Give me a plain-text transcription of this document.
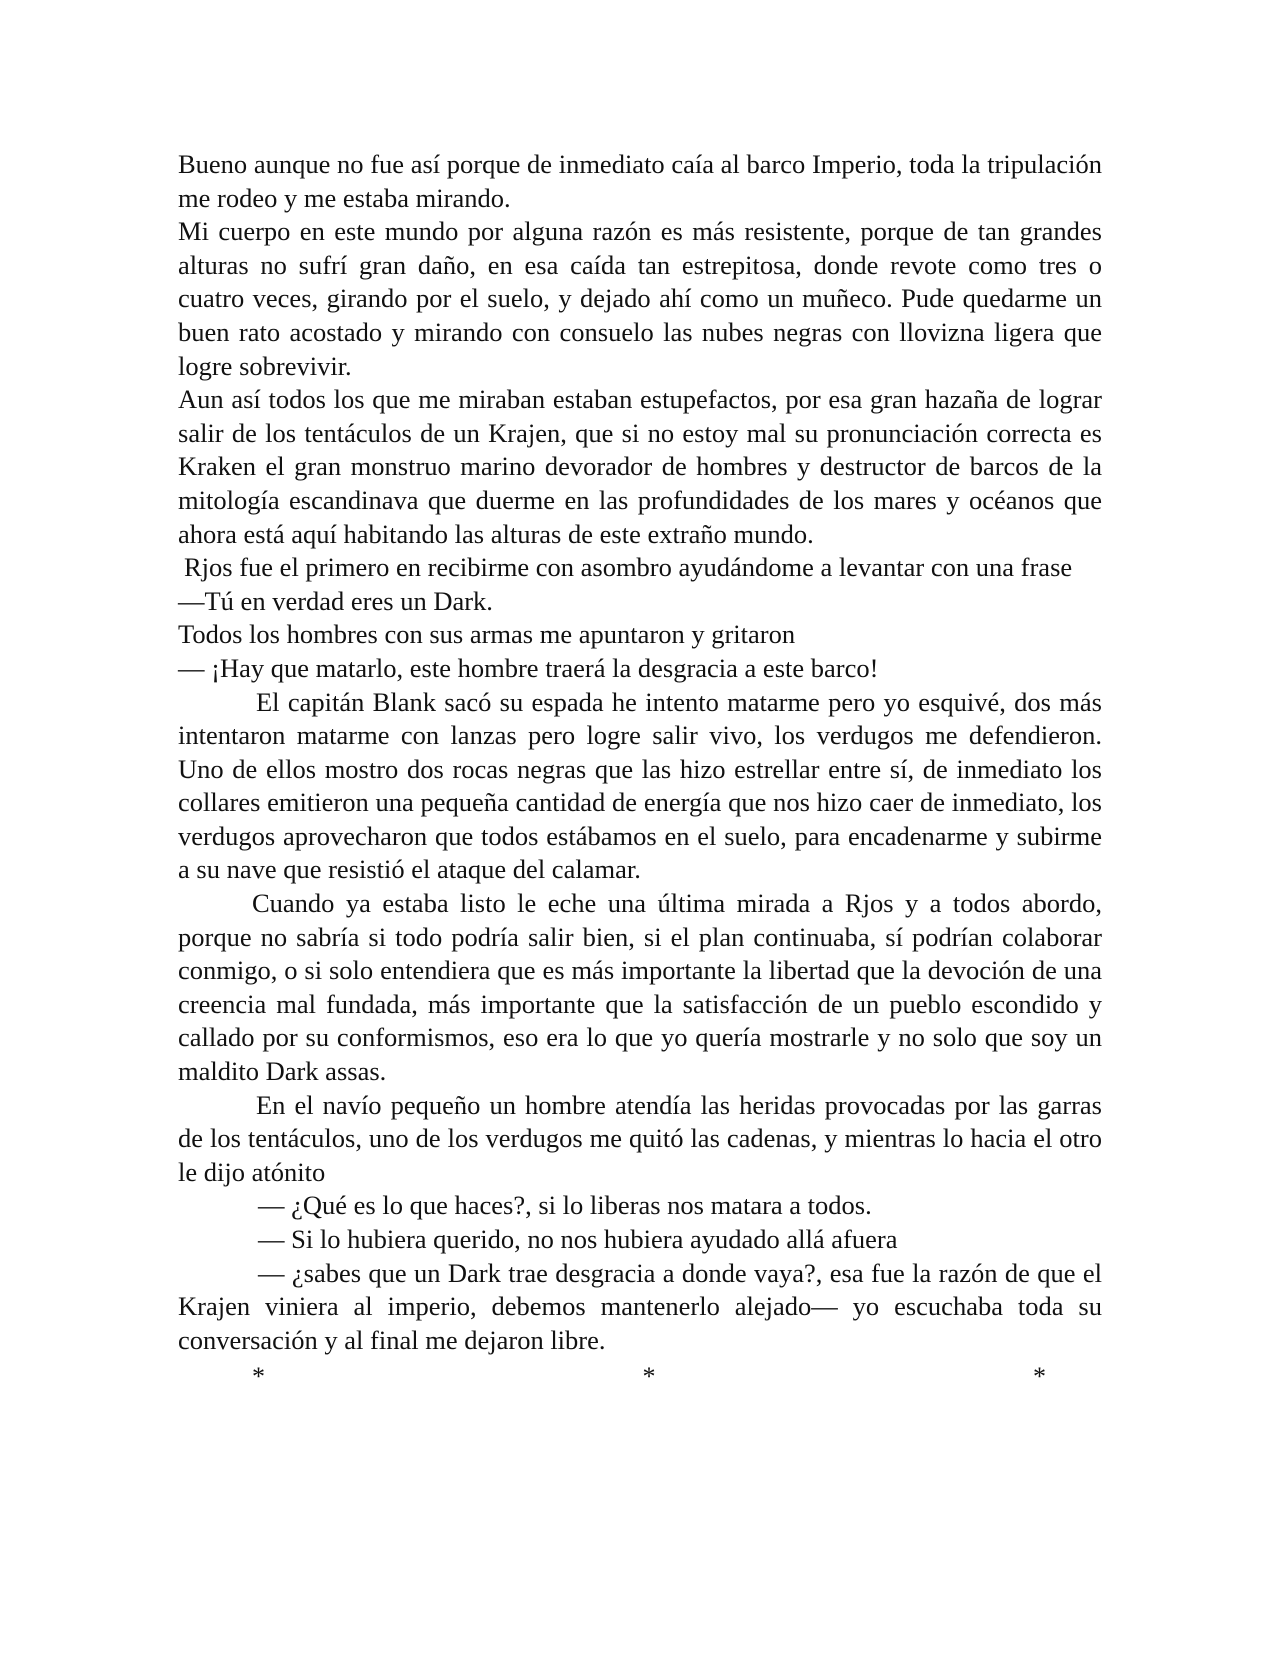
Bueno aunque no fue así porque de inmediato caía al barco Imperio, toda la tripulación me rodeo y me estaba mirando.

Mi cuerpo en este mundo por alguna razón es más resistente, porque de tan grandes alturas no sufrí gran daño, en esa caída tan estrepitosa, donde revote como tres o cuatro veces, girando por el suelo, y dejado ahí como un muñeco. Pude quedarme un buen rato acostado y mirando con consuelo las nubes negras con llovizna ligera que logre sobrevivir.

Aun así todos los que me miraban estaban estupefactos, por esa gran hazaña de lograr salir de los tentáculos de un Krajen, que si no estoy mal su pronunciación correcta es Kraken el gran monstruo marino devorador de hombres y destructor de barcos de la mitología escandinava que duerme en las profundidades de los mares y océanos que ahora está aquí habitando las alturas de este extraño mundo.

Rjos fue el primero en recibirme con asombro ayudándome a levantar con una frase

—Tú en verdad eres un Dark.

Todos los hombres con sus armas me apuntaron y gritaron

— ¡Hay que matarlo, este hombre traerá la desgracia a este barco!

El capitán Blank sacó su espada he intento matarme pero yo esquivé, dos más intentaron matarme con lanzas pero logre salir vivo, los verdugos me defendieron. Uno de ellos mostro dos rocas negras que las hizo estrellar entre sí, de inmediato los collares emitieron una pequeña cantidad de energía que nos hizo caer de inmediato, los verdugos aprovecharon que todos estábamos en el suelo, para encadenarme y subirme a su nave que resistió el ataque del calamar.

Cuando ya estaba listo le eche una última mirada a Rjos y a todos abordo, porque no sabría si todo podría salir bien, si el plan continuaba, sí podrían colaborar conmigo, o si solo entendiera que es más importante la libertad que la devoción de una creencia mal fundada, más importante que la satisfacción de un pueblo escondido y callado por su conformismos, eso era lo que yo quería mostrarle y no solo que soy un maldito Dark assas.

En el navío pequeño un hombre atendía las heridas provocadas por las garras de los tentáculos, uno de los verdugos me quitó las cadenas, y mientras lo hacia el otro le dijo atónito

— ¿Qué es lo que haces?, si lo liberas nos matara a todos.

— Si lo hubiera querido, no nos hubiera ayudado allá afuera

— ¿sabes que un Dark trae desgracia a donde vaya?, esa fue la razón de que el Krajen viniera al imperio, debemos mantenerlo alejado— yo escuchaba toda su conversación y al final me dejaron libre.

*	*	*
